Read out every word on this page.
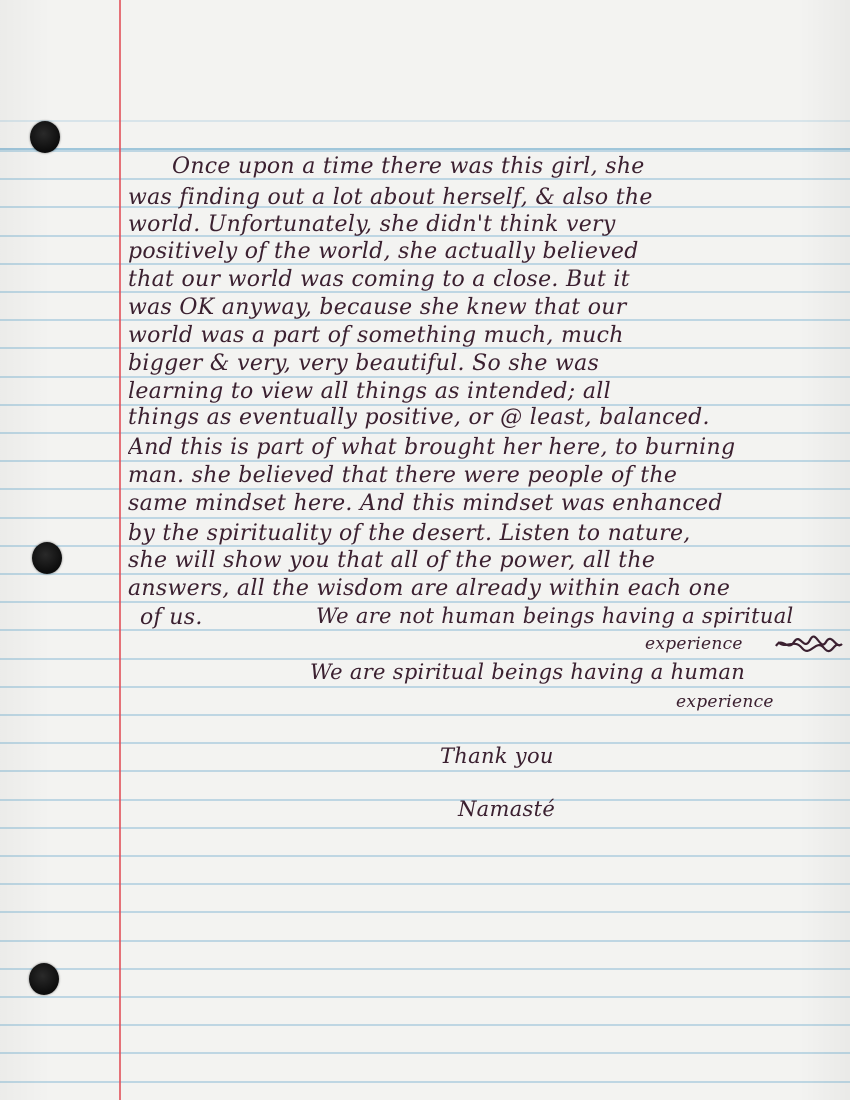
Once upon a time there was this girl, she
was finding out a lot about herself, & also the
world. Unfortunately, she didn't think very
positively of the world, she actually believed
that our world was coming to a close. But it
was OK anyway, because she knew that our
world was a part of something much, much
bigger & very, very beautiful. So she was
learning to view all things as intended; all
things as eventually positive, or @ least, balanced.
And this is part of what brought her here, to burning
man. she believed that there were people of the
same mindset here. And this mindset was enhanced
by the spirituality of the desert. Listen to nature,
she will show you that all of the power, all the
answers, all the wisdom are already within each one
of us.	We are not human beings having a spiritual
experience
We are spiritual beings having a human
experience
Thank you
Namasté
